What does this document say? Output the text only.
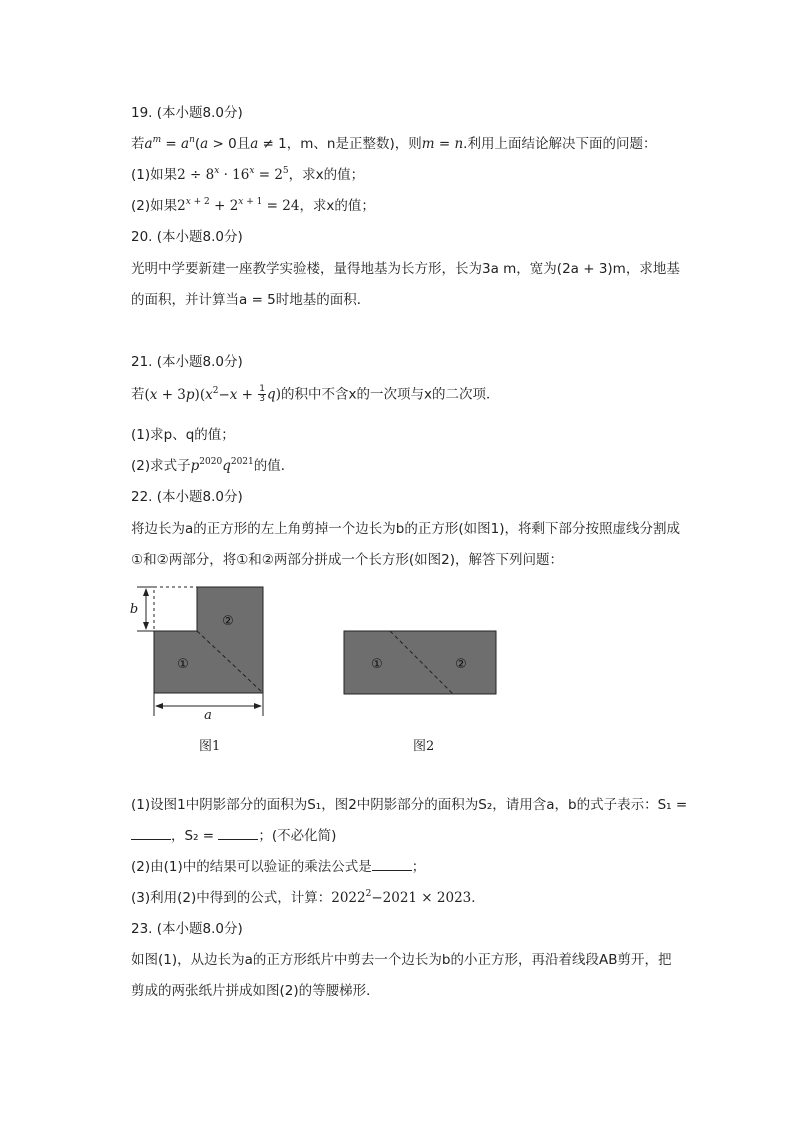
19. (本小题8.0分)
若$a^m = a^n(a > 0$且a ≠ 1，m、n是正整数)，则m = n.利用上面结论解决下面的问题：
(1)如果$2 \div 8^x \cdot 16^x = 2^5$，求x的值；
(2)如果$2^{x + 2} + 2^{x + 1} = 24$，求x的值；
20. (本小题8.0分)
光明中学要新建一座教学实验楼，量得地基为长方形，长为3a m，宽为(2a + 3)m，求地基
的面积，并计算当a = 5时地基的面积．
21. (本小题8.0分)
若$(x + 3p)(x^2-x + \frac{1}{3} q)$的积中不含x的一次项与x的二次项．
(1)求p、q的值；
(2)求式子$p^{2020}q^{2021}$的值．
22. (本小题8.0分)
将边长为a的正方形的左上角剪掉一个边长为b的正方形(如图1)，将剩下部分按照虚线分割成
①和②两部分，将①和②两部分拼成一个长方形(如图2)，解答下列问题：
b
a
①
②
①	②
图1	图2
(1)设图1中阴影部分的面积为S₁，图2中阴影部分的面积为S₂，请用含a，b的式子表示：S₁ =
，S₂ =	；(不必化简)
(2)由(1)中的结果可以验证的乘法公式是	；
(3)利用(2)中得到的公式，计算：$2022^2-2021 \times 2023$．
23. (本小题8.0分)
如图(1)，从边长为a的正方形纸片中剪去一个边长为b的小正方形，再沿着线段AB剪开，把
剪成的两张纸片拼成如图(2)的等腰梯形．
